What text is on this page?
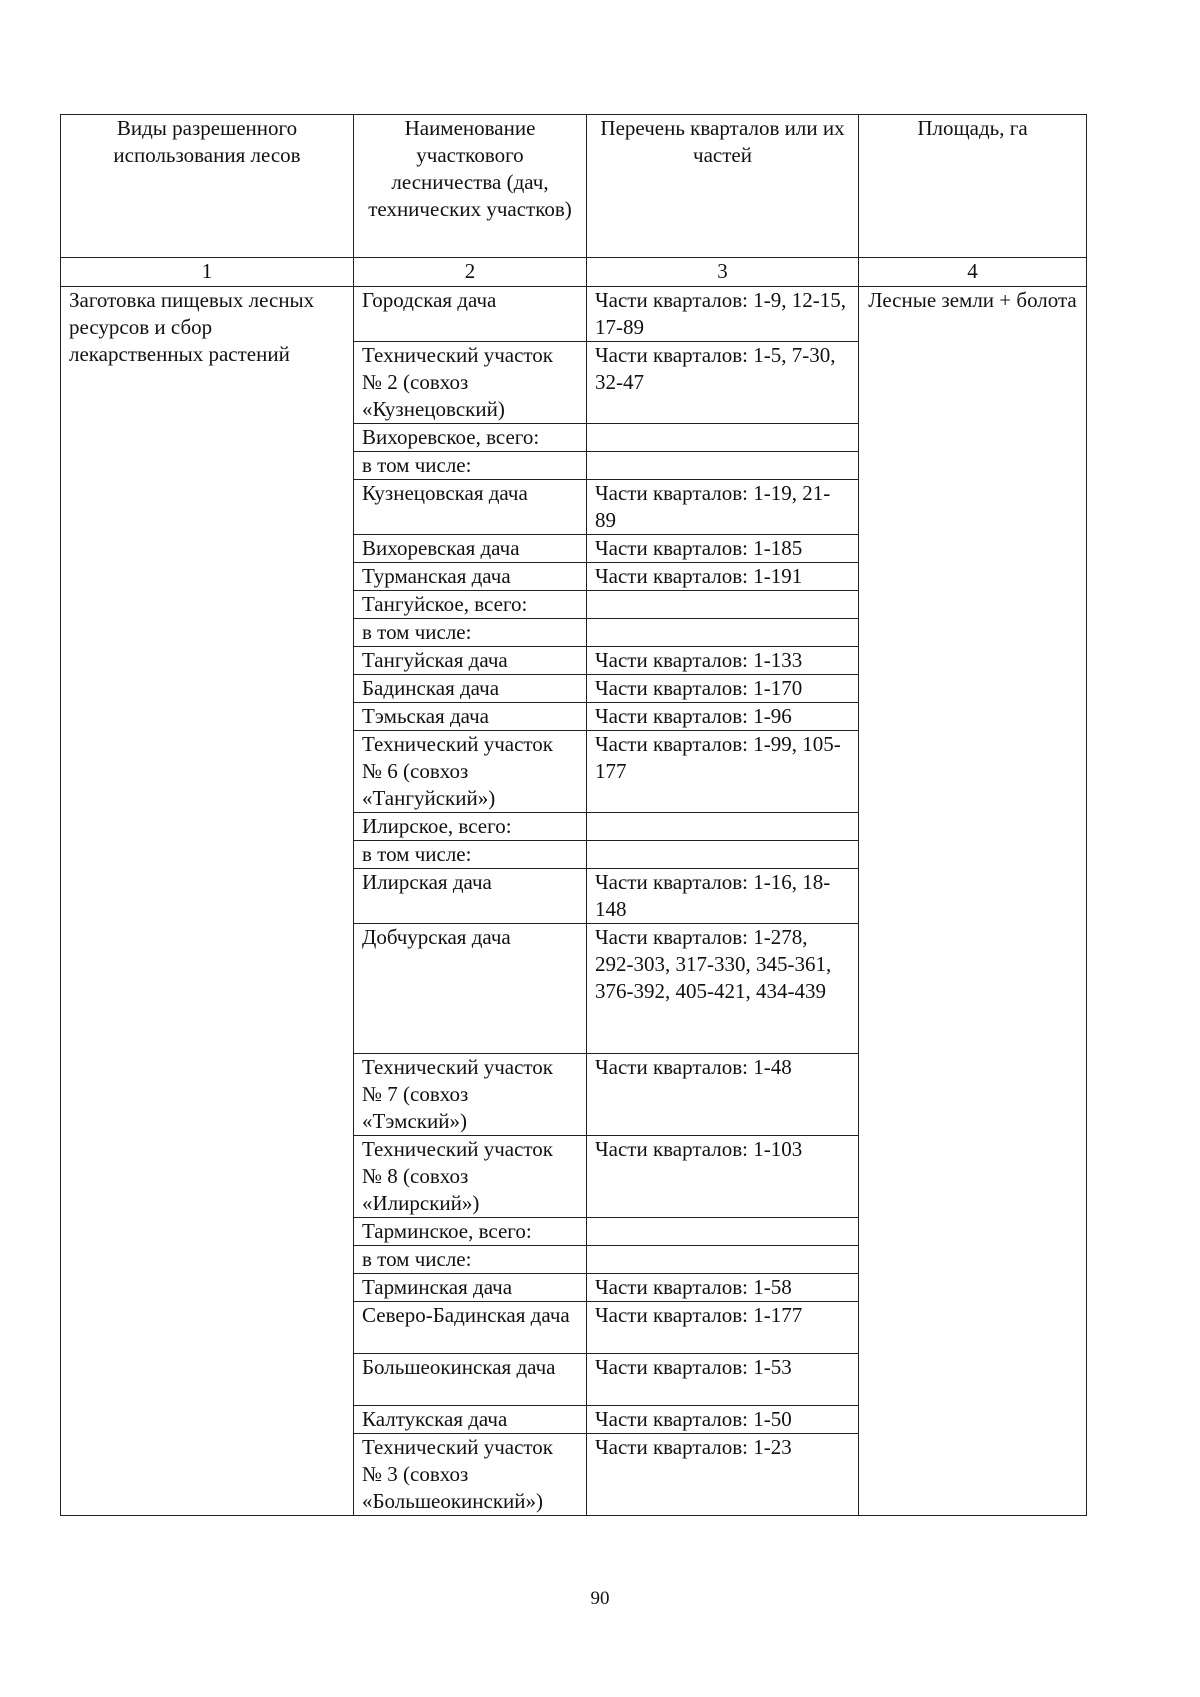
Виды разрешенного использования лесов	Наименование участкового лесничества (дач, технических участков)	Перечень кварталов или их частей	Площадь, га
1	2	3	4
Заготовка пищевых лесных ресурсов и сбор лекарственных растений	Городская дача	Части кварталов: 1-9, 12-15, 17-89	Лесные земли + болота
	Технический участок № 2 (совхоз «Кузнецовский)	Части кварталов: 1-5, 7-30, 32-47	
	Вихоревское, всего:		
	в том числе:		
	Кузнецовская дача	Части кварталов: 1-19, 21-89	
	Вихоревская дача	Части кварталов: 1-185	
	Турманская дача	Части кварталов: 1-191	
	Тангуйское, всего:		
	в том числе:		
	Тангуйская дача	Части кварталов: 1-133	
	Бадинская дача	Части кварталов: 1-170	
	Тэмьская дача	Части кварталов: 1-96	
	Технический участок № 6 (совхоз «Тангуйский»)	Части кварталов: 1-99, 105-177	
	Илирское, всего:		
	в том числе:		
	Илирская дача	Части кварталов: 1-16, 18-148	
	Добчурская дача	Части кварталов: 1-278, 292-303, 317-330, 345-361, 376-392, 405-421, 434-439	
	Технический участок № 7 (совхоз «Тэмский»)	Части кварталов: 1-48	
	Технический участок № 8 (совхоз «Илирский»)	Части кварталов: 1-103	
	Тарминское, всего:		
	в том числе:		
	Тарминская дача	Части кварталов: 1-58	
	Северо-Бадинская дача	Части кварталов: 1-177	
	Большеокинская дача	Части кварталов: 1-53	
	Калтукская дача	Части кварталов: 1-50	
	Технический участок № 3 (совхоз «Большеокинский»)	Части кварталов: 1-23	
90
